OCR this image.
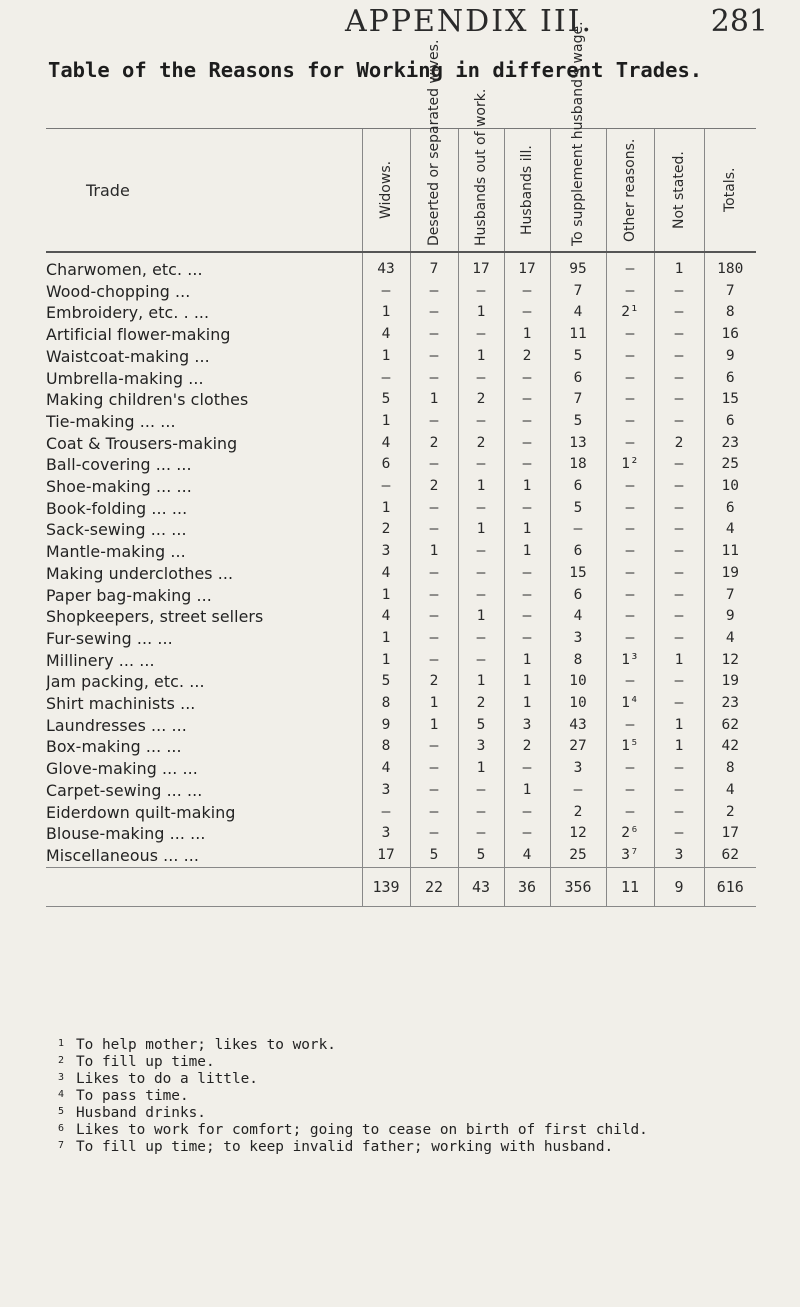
APPENDIX III.	281
Table of the Reasons for Working in different Trades.
Trade	Widows.	Deserted or separated wives.	Husbands out of work.	Husbands ill.	To supplement husband's wage.	Other reasons.	Not stated.	Totals.

Charwomen, etc. ...	43	7	17	17	95	—	1	180
Wood-chopping ...	—	—	—	—	7	—	—	7
Embroidery, etc. . ...	1	—	1	—	4	2¹	—	8
Artificial flower-making	4	—	—	1	11	—	—	16
Waistcoat-making ...	1	—	1	2	5	—	—	9
Umbrella-making ...	—	—	—	—	6	—	—	6
Making children's clothes	5	1	2	—	7	—	—	15
Tie-making ... ...	1	—	—	—	5	—	—	6
Coat & Trousers-making	4	2	2	—	13	—	2	23
Ball-covering ... ...	6	—	—	—	18	1²	—	25
Shoe-making ... ...	—	2	1	1	6	—	—	10
Book-folding ... ...	1	—	—	—	5	—	—	6
Sack-sewing ... ...	2	—	1	1	—	—	—	4
Mantle-making ...	3	1	—	1	6	—	—	11
Making underclothes ...	4	—	—	—	15	—	—	19
Paper bag-making ...	1	—	—	—	6	—	—	7
Shopkeepers, street sellers	4	—	1	—	4	—	—	9
Fur-sewing ... ...	1	—	—	—	3	—	—	4
Millinery ... ...	1	—	—	1	8	1³	1	12
Jam packing, etc. ...	5	2	1	1	10	—	—	19
Shirt machinists ...	8	1	2	1	10	1⁴	—	23
Laundresses ... ...	9	1	5	3	43	—	1	62
Box-making ... ...	8	—	3	2	27	1⁵	1	42
Glove-making ... ...	4	—	1	—	3	—	—	8
Carpet-sewing ... ...	3	—	—	1	—	—	—	4
Eiderdown quilt-making	—	—	—	—	2	—	—	2
Blouse-making ... ...	3	—	—	—	12	2⁶	—	17
Miscellaneous ... ...	17	5	5	4	25	3⁷	3	62
	139	22	43	36	356	11	9	616
1 To help mother; likes to work.
2 To fill up time.
3 Likes to do a little.
4 To pass time.
5 Husband drinks.
6 Likes to work for comfort; going to cease on birth of first child.
7 To fill up time; to keep invalid father; working with husband.
